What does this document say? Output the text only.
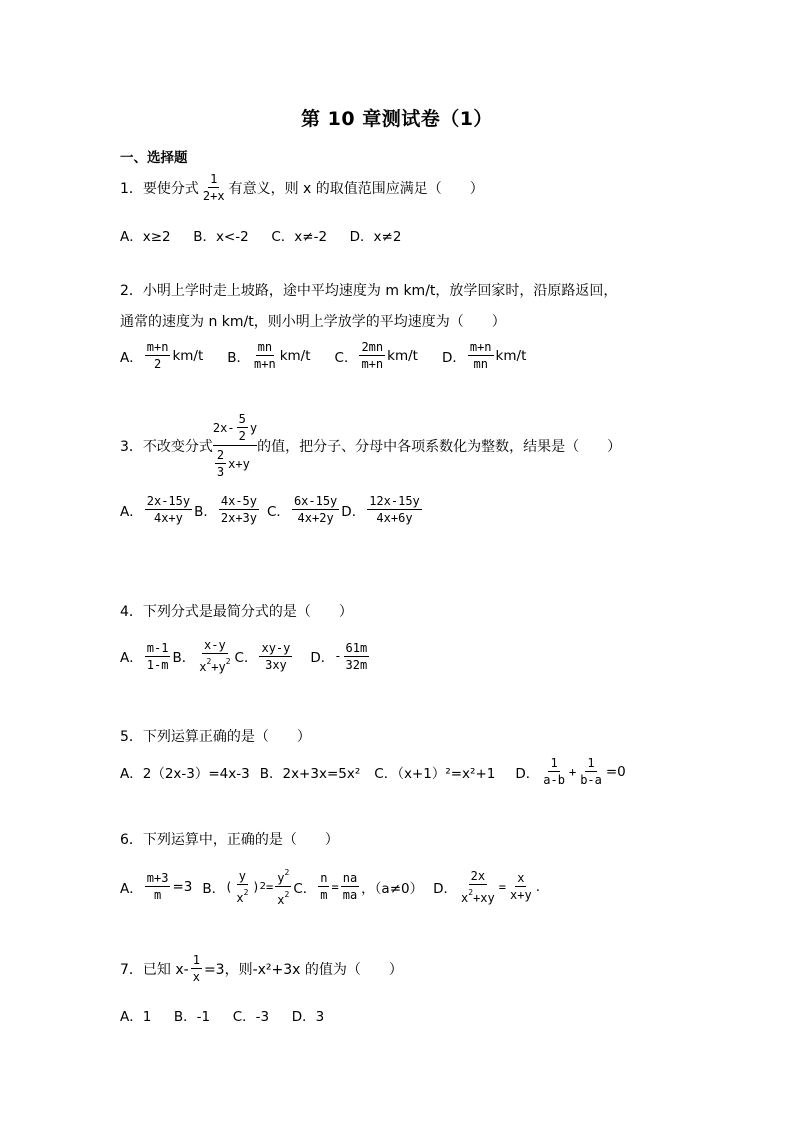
第 10 章测试卷（1）
一、选择题
1．要使分式 $\frac{1}{2+x}$ 有意义，则 x 的取值范围应满足（　　）
A．x≥2 B．x<-2 C．x≠-2 D．x≠2
2．小明上学时走上坡路，途中平均速度为 m km/t，放学回家时，沿原路返回，
通常的速度为 n km/t，则小明上学放学的平均速度为（　　）
A． $\frac{m+n}{2} km/t$ B． $\frac{mn}{m+n} km/t$ C． $\frac{2mn}{m+n} km/t$ D． $\frac{m+n}{mn} km/t$
3．不改变分式 $\frac{2x- \frac{5}{2} y}{\frac{2}{3} x+y}$ 的值，把分子、分母中各项系数化为整数，结果是（　　）
A． $\frac{2x-15y}{4x+y}$ B． $\frac{4x-5y}{2x+3y}$ C． $\frac{6x-15y}{4x+2y}$ D． $\frac{12x-15y}{4x+6y}$
4．下列分式是最简分式的是（　　）
A． $\frac{m-1}{1-m}$ B． $\frac{x-y}{x^2+y^2}$ C． $\frac{xy-y}{3xy}$ D． - $\frac{61m}{32m}$
5．下列运算正确的是（　　）
A．2（2x-3）=4x-3 B．2x+3x=5x² C．（x+1）²=x²+1 D． $\frac{1}{a-b} + \frac{1}{b-a} =0$
6．下列运算中，正确的是（　　）
A． $\frac{m+3}{m} =3$ B． ( $\frac{y}{x^2}$ ) $2 = \frac{y^2}{x^2}$ C． $\frac{n}{m} = \frac{na}{ma}$ ，（a≠0） D． $\frac{2x}{x^2+xy} = \frac{x}{x+y}$ .
7．已知 $x- \frac{1}{x} =3$，则-x²+3x 的值为（　　）
A．1 B．-1 C．-3 D．3
